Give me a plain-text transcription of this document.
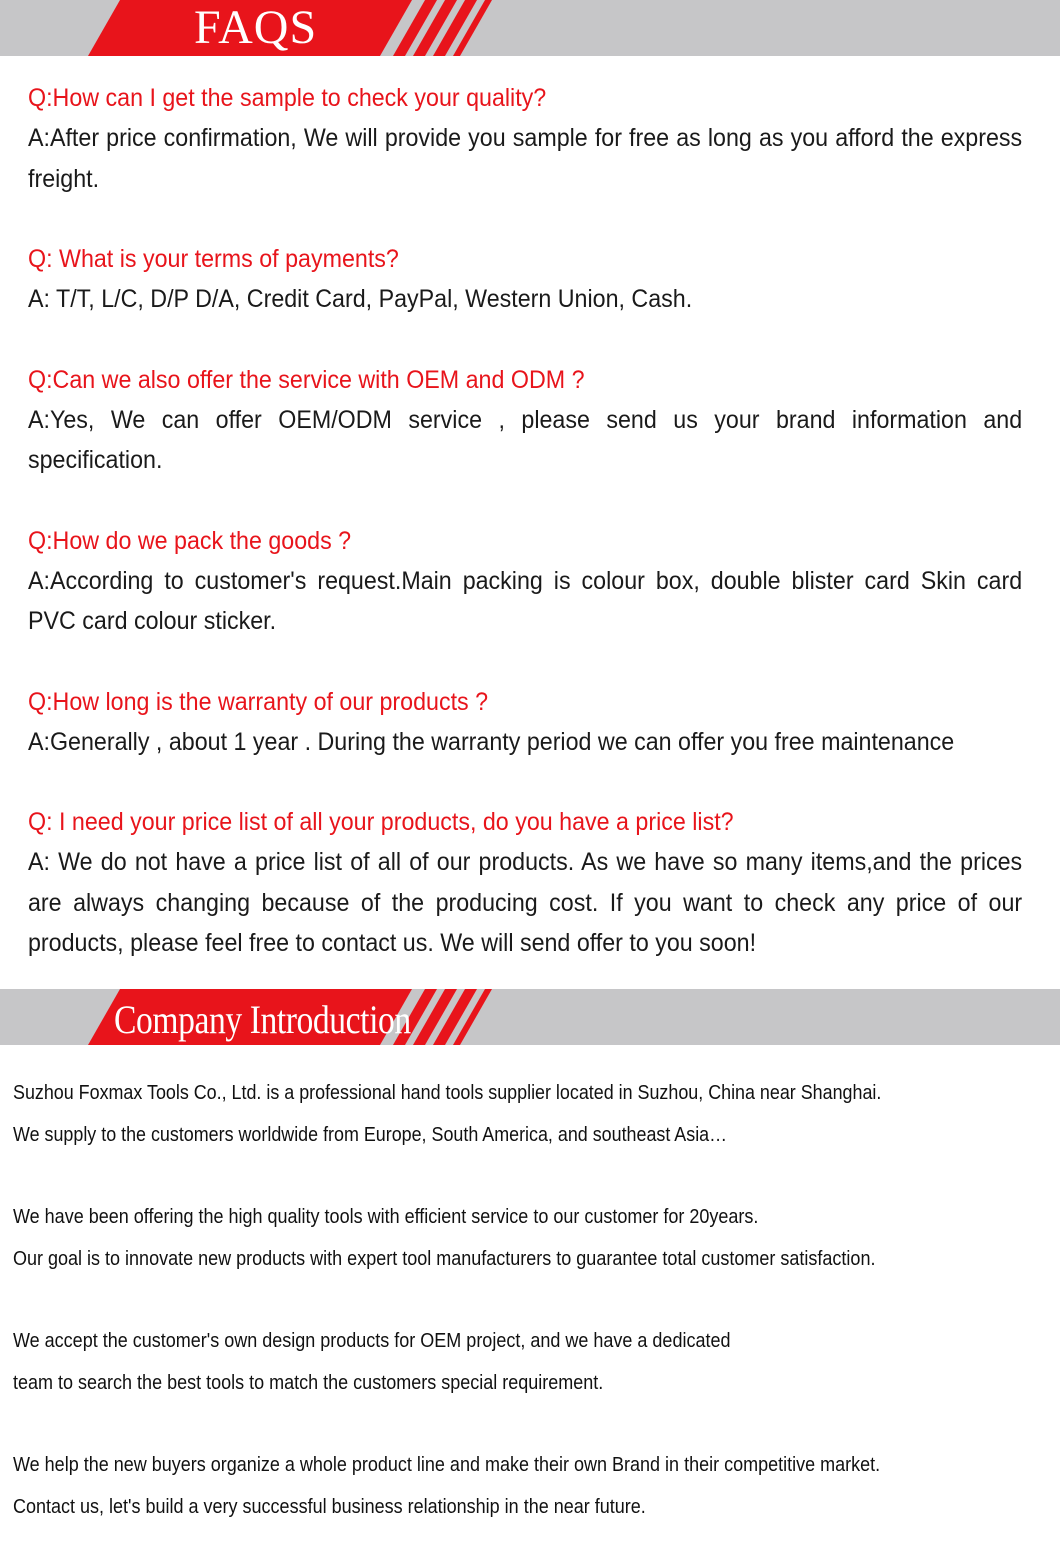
FAQS
Q:How can I get the sample to check your quality?
A:After price confirmation, We will provide you sample for free as long as you afford the express freight.
Q: What is your terms of payments?
A: T/T, L/C, D/P D/A, Credit Card, PayPal, Western Union, Cash.
Q:Can we also offer the service with OEM and ODM ?
A:Yes, We can offer OEM/ODM service , please send us your brand information and specification.
Q:How do we pack the goods ?
A:According to customer's request.Main packing is colour box, double blister card Skin card PVC card colour sticker.
Q:How long is the warranty of our products ?
A:Generally , about 1 year . During the warranty period we can offer you free maintenance
Q: I need your price list of all your products, do you have a price list?
A: We do not have a price list of all of our products. As we have so many items,and the prices are always changing because of the producing cost. If you want to check any price of our products, please feel free to contact us. We will send offer to you soon!
Company Introduction
Suzhou Foxmax Tools Co., Ltd. is a professional hand tools supplier located in Suzhou, China near Shanghai.
We supply to the customers worldwide from Europe, South America, and southeast Asia…
We have been offering the high quality tools with efficient service to our customer for 20years.
Our goal is to innovate new products with expert tool manufacturers to guarantee total customer satisfaction.
We accept the customer's own design products for OEM project, and we have a dedicated
team to search the best tools to match the customers special requirement.
We help the new buyers organize a whole product line and make their own Brand in their competitive market.
Contact us, let's build a very successful business relationship in the near future.
